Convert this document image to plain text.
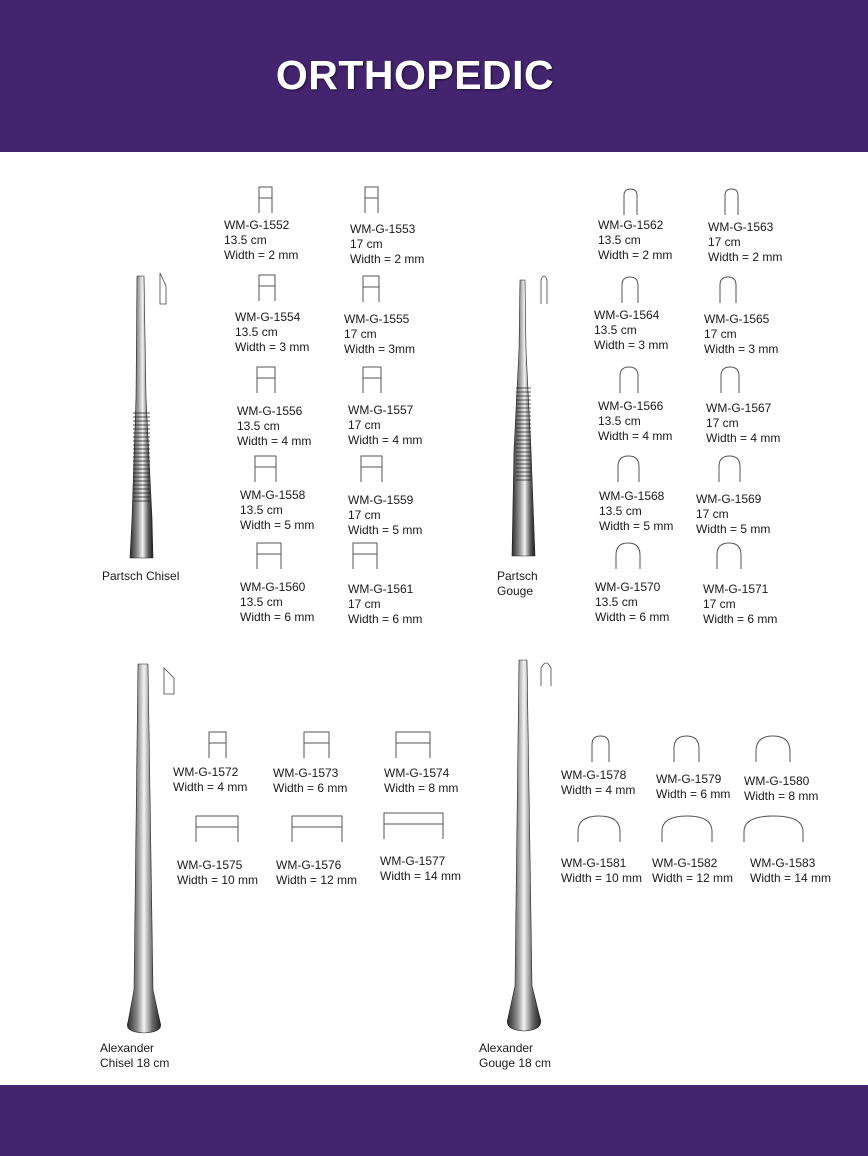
ORTHOPEDIC
Partsch Chisel
WM-G-1552
13.5 cm
Width = 2 mm
WM-G-1553
17 cm
Width = 2 mm
WM-G-1554
13.5 cm
Width = 3 mm
WM-G-1555
17 cm
Width = 3mm
WM-G-1556
13.5 cm
Width = 4 mm
WM-G-1557
17 cm
Width = 4 mm
WM-G-1558
13.5 cm
Width = 5 mm
WM-G-1559
17 cm
Width = 5 mm
WM-G-1560
13.5 cm
Width = 6 mm
WM-G-1561
17 cm
Width = 6 mm
Partsch
Gouge
WM-G-1562
13.5 cm
Width = 2 mm
WM-G-1563
17 cm
Width = 2 mm
WM-G-1564
13.5 cm
Width = 3 mm
WM-G-1565
17 cm
Width = 3 mm
WM-G-1566
13.5 cm
Width = 4 mm
WM-G-1567
17 cm
Width = 4 mm
WM-G-1568
13.5 cm
Width = 5 mm
WM-G-1569
17 cm
Width = 5 mm
WM-G-1570
13.5 cm
Width = 6 mm
WM-G-1571
17 cm
Width = 6 mm
Alexander
Chisel 18 cm
WM-G-1572
Width = 4 mm
WM-G-1573
Width = 6 mm
WM-G-1574
Width = 8 mm
WM-G-1575
Width = 10 mm
WM-G-1576
Width = 12 mm
WM-G-1577
Width = 14 mm
Alexander
Gouge 18 cm
WM-G-1578
Width = 4 mm
WM-G-1579
Width = 6 mm
WM-G-1580
Width = 8 mm
WM-G-1581
Width = 10 mm
WM-G-1582
Width = 12 mm
WM-G-1583
Width = 14 mm
